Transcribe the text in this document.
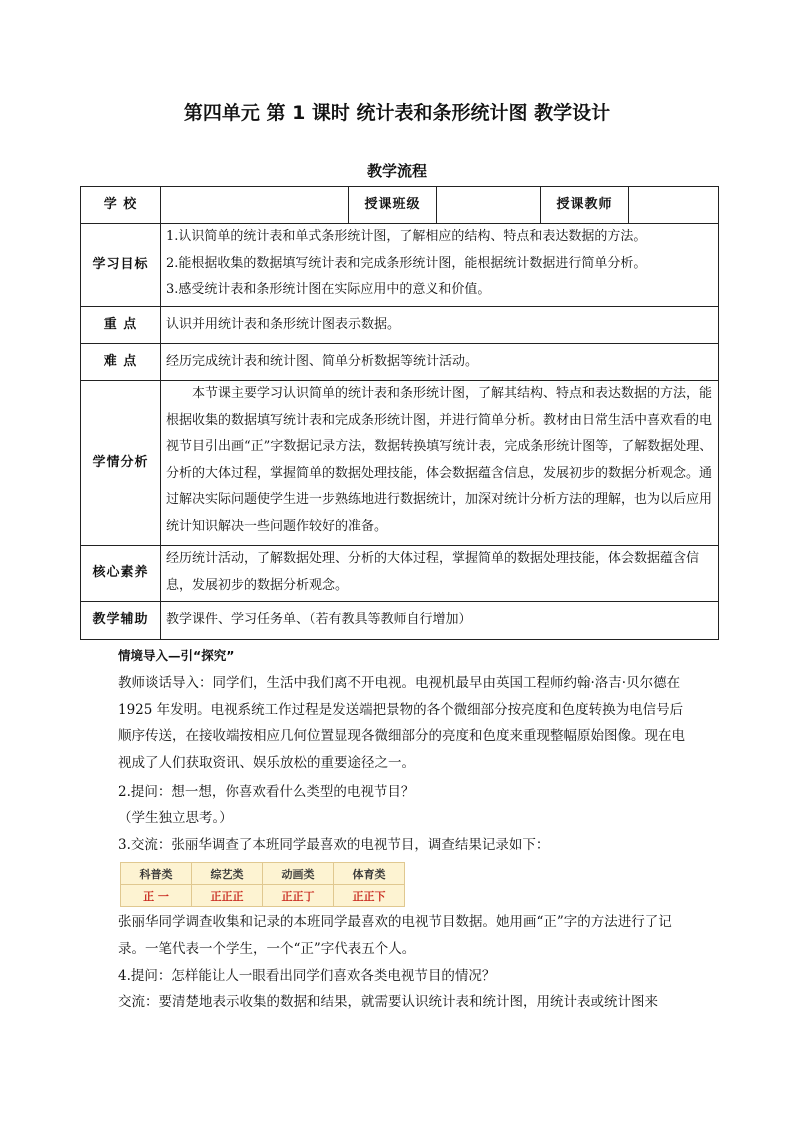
第四单元 第 1 课时 统计表和条形统计图 教学设计
教学流程
学 校		授课班级		授课教师	
学习目标	1.认识简单的统计表和单式条形统计图，了解相应的结构、特点和表达数据的方法。
2.能根据收集的数据填写统计表和完成条形统计图，能根据统计数据进行简单分析。
3.感受统计表和条形统计图在实际应用中的意义和价值。				

重 点	认识并用统计表和条形统计图表示数据。				
难 点	经历完成统计表和统计图、简单分析数据等统计活动。				
学情分析	本节课主要学习认识简单的统计表和条形统计图，了解其结构、特点和表达数据的方法，能根据收集的数据填写统计表和完成条形统计图，并进行简单分析。教材由日常生活中喜欢看的电视节目引出画“正”字数据记录方法，数据转换填写统计表，完成条形统计图等，了解数据处理、分析的大体过程，掌握简单的数据处理技能，体会数据蕴含信息，发展初步的数据分析观念。通过解决实际问题使学生进一步熟练地进行数据统计，加深对统计分析方法的理解，也为以后应用统计知识解决一些问题作较好的准备。				

核心素养	经历统计活动，了解数据处理、分析的大体过程，掌握简单的数据处理技能，体会数据蕴含信息，发展初步的数据分析观念。				
教学辅助	教学课件、学习任务单、（若有教具等教师自行增加）				
情境导入—引“探究”
教师谈话导入：同学们，生活中我们离不开电视。电视机最早由英国工程师约翰·洛吉·贝尔德在 1925 年发明。电视系统工作过程是发送端把景物的各个微细部分按亮度和色度转换为电信号后顺序传送，在接收端按相应几何位置显现各微细部分的亮度和色度来重现整幅原始图像。现在电视成了人们获取资讯、娱乐放松的重要途径之一。
2.提问：想一想，你喜欢看什么类型的电视节目？
（学生独立思考。）
3.交流：张丽华调查了本班同学最喜欢的电视节目，调查结果记录如下：
科普类	综艺类	动画类	体育类
正 ⼀	正正正	正正丁	正正下
张丽华同学调查收集和记录的本班同学最喜欢的电视节目数据。她用画“正”字的方法进行了记录。一笔代表一个学生，一个“正”字代表五个人。
4.提问：怎样能让人一眼看出同学们喜欢各类电视节目的情况？
交流：要清楚地表示收集的数据和结果，就需要认识统计表和统计图，用统计表或统计图来
